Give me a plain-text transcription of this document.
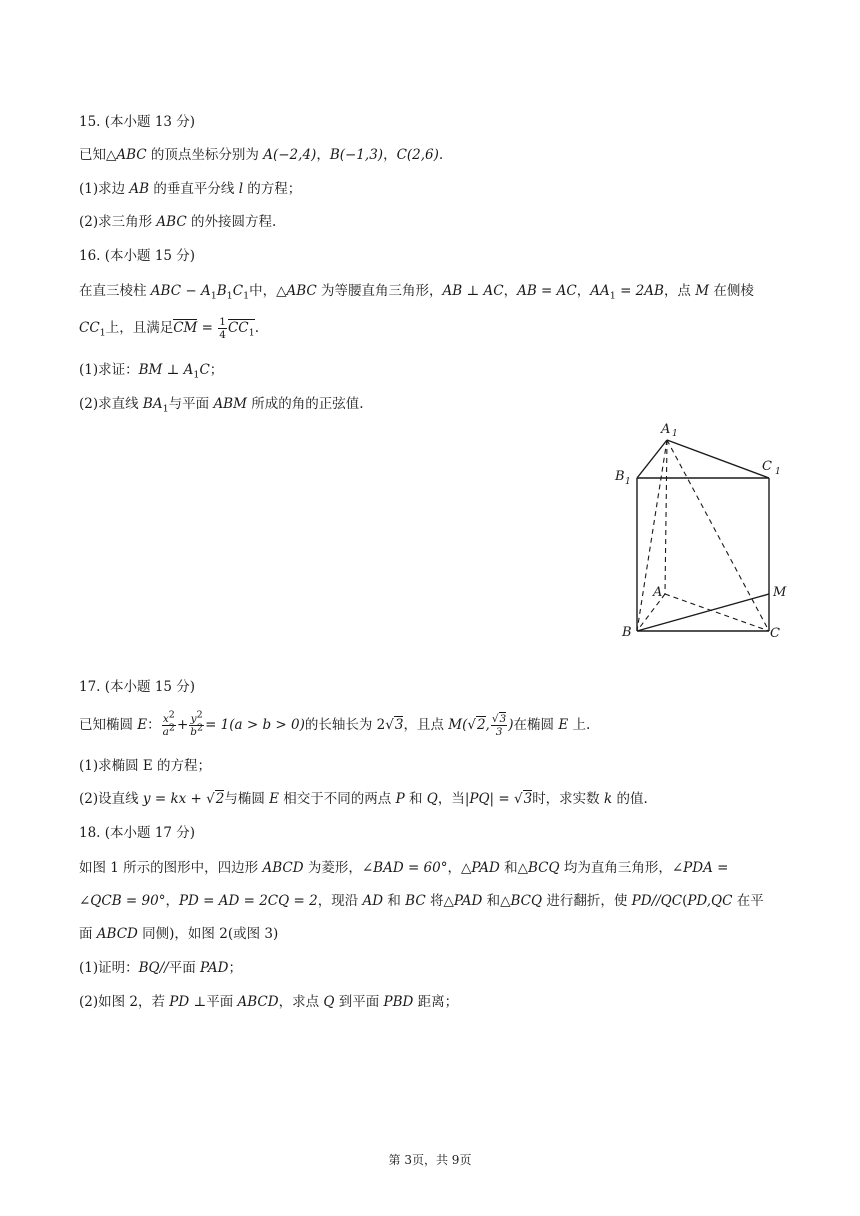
15. (本小题 13 分)
已知△ABC 的顶点坐标分别为 A(−2,4)，B(−1,3)，C(2,6).
(1)求边 AB 的垂直平分线 l 的方程；
(2)求三角形 ABC 的外接圆方程.
16. (本小题 15 分)
在直三棱柱 ABC − $A_1B_1C_1$中，△ABC 为等腰直角三角形，AB ⊥ AC，AB = AC，$AA_1 = 2AB$，点 M 在侧棱
$CC_1$上，且满足CM = $\frac{1}{4} CC_1$.
(1)求证：BM ⊥ $A_1C$；
(2)求直线 $BA_1$与平面 ABM 所成的角的正弦值.
A 1
B 1
C 1
A
B	C
M
17. (本小题 15 分)
已知椭圆 E： $\frac{x^2}{a^2} + \frac{y^2}{b^2} = 1(a > b > 0)$的长轴长为 2√3，且点 M(√2, $\frac{√3}{3}$ )在椭圆 E 上.
(1)求椭圆 E 的方程；
(2)设直线 y = kx + √2与椭圆 E 相交于不同的两点 P 和 Q，当|PQ| = √3时，求实数 k 的值.
18. (本小题 17 分)
如图 1 所示的图形中，四边形 ABCD 为菱形，∠BAD = 60°，△PAD 和△BCQ 均为直角三角形，∠PDA =
∠QCB = 90°，PD = AD = 2CQ = 2，现沿 AD 和 BC 将△PAD 和△BCQ 进行翻折，使 PD//QC(PD,QC 在平
面 ABCD 同侧)，如图 2(或图 3)
(1)证明：BQ//平面 PAD；
(2)如图 2，若 PD ⊥平面 ABCD，求点 Q 到平面 PBD 距离；
第 3页，共 9页
